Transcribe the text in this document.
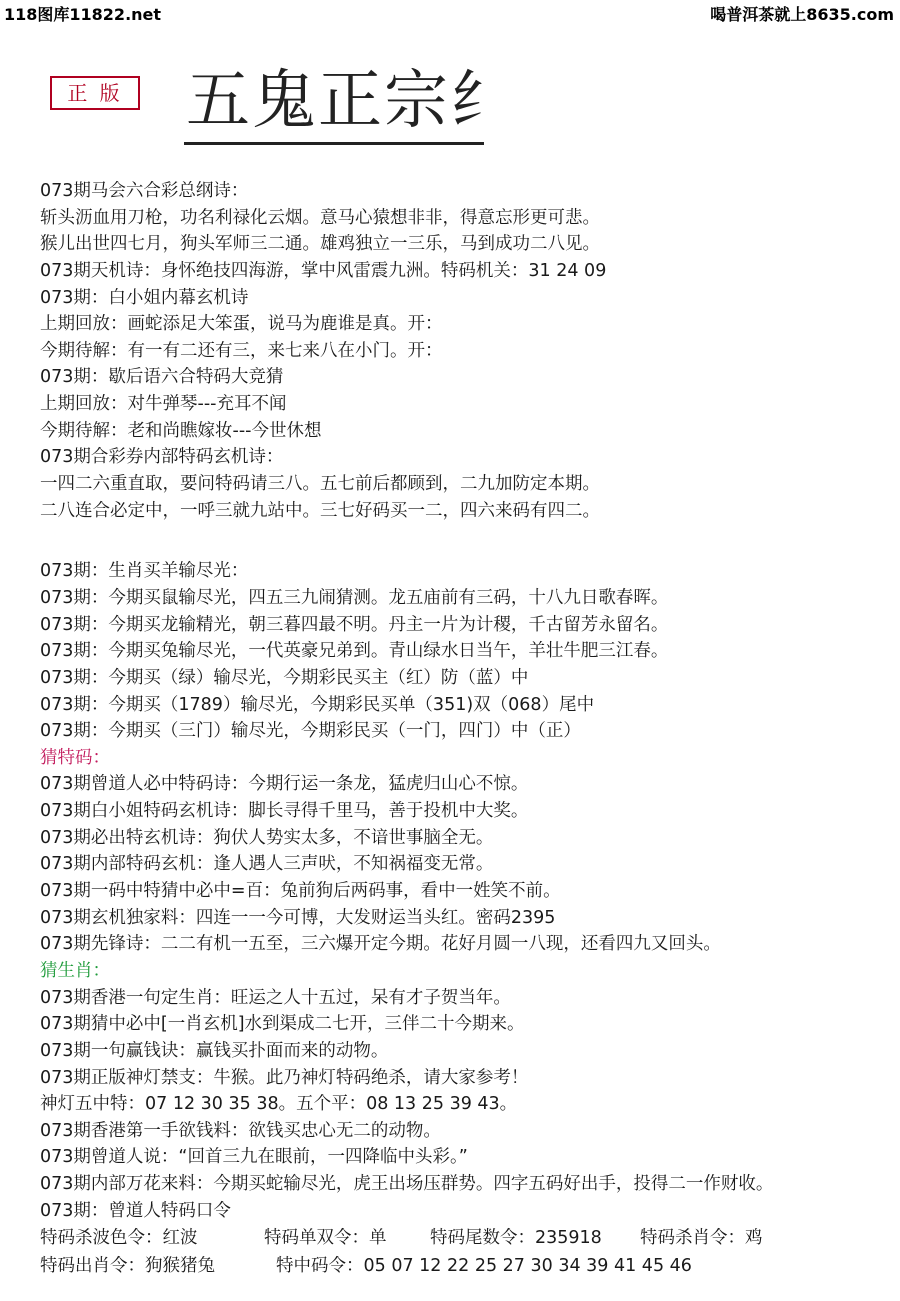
118图库11822.net	喝普洱茶就上8635.com
正 版 五鬼正宗纟
073期马会六合彩总纲诗：
斩头沥血用刀枪，功名利禄化云烟。意马心猿想非非，得意忘形更可悲。
猴儿出世四七月，狗头军师三二通。雄鸡独立一三乐，马到成功二八见。
073期天机诗：身怀绝技四海游，掌中风雷震九洲。特码机关：31 24 09
073期：白小姐内幕玄机诗
上期回放：画蛇添足大笨蛋，说马为鹿谁是真。开：
今期待解：有一有二还有三，来七来八在小门。开：
073期：歇后语六合特码大竞猜
上期回放：对牛弹琴---充耳不闻
今期待解：老和尚瞧嫁妆---今世休想
073期合彩券内部特码玄机诗：
一四二六重直取，要问特码请三八。五七前后都顾到，二九加防定本期。
二八连合必定中，一呼三就九站中。三七好码买一二，四六来码有四二。
073期：生肖买羊输尽光：
073期：今期买鼠输尽光，四五三九闹猜测。龙五庙前有三码，十八九日歌春晖。
073期：今期买龙输精光，朝三暮四最不明。丹主一片为计稷，千古留芳永留名。
073期：今期买兔输尽光，一代英豪兄弟到。青山绿水日当午，羊壮牛肥三江春。
073期：今期买（绿）输尽光，今期彩民买主（红）防（蓝）中
073期：今期买（1789）输尽光，今期彩民买单（351)双（068）尾中
073期：今期买（三门）输尽光，今期彩民买（一门，四门）中（正）
猜特码：
073期曾道人必中特码诗：今期行运一条龙，猛虎归山心不惊。
073期白小姐特码玄机诗：脚长寻得千里马，善于投机中大奖。
073期必出特玄机诗：狗伏人势实太多，不谙世事脑全无。
073期内部特码玄机：逢人遇人三声吠，不知祸福变无常。
073期一码中特猜中必中=百：兔前狗后两码事，看中一姓笑不前。
073期玄机独家料：四连一一今可博，大发财运当头红。密码2395
073期先锋诗：二二有机一五至，三六爆开定今期。花好月圆一八现，还看四九又回头。
猜生肖：
073期香港一句定生肖：旺运之人十五过，呆有才子贺当年。
073期猜中必中[一肖玄机]水到渠成二七开，三伴二十今期来。
073期一句赢钱诀：赢钱买扑面而来的动物。
073期正版神灯禁支：牛猴。此乃神灯特码绝杀，请大家参考！
神灯五中特：07 12 30 35 38。五个平：08 13 25 39 43。
073期香港第一手欲钱料：欲钱买忠心无二的动物。
073期曾道人说：“回首三九在眼前，一四降临中头彩。”
073期内部万花来料：今期买蛇输尽光，虎王出场压群势。四字五码好出手，投得二一作财收。
073期：曾道人特码口令
特码杀波色令：红波	特码单双令：单 特码尾数令：235918 特码杀肖令：鸡
特码出肖令：狗猴猪兔	特中码令：05 07 12 22 25 27 30 34 39 41 45 46
